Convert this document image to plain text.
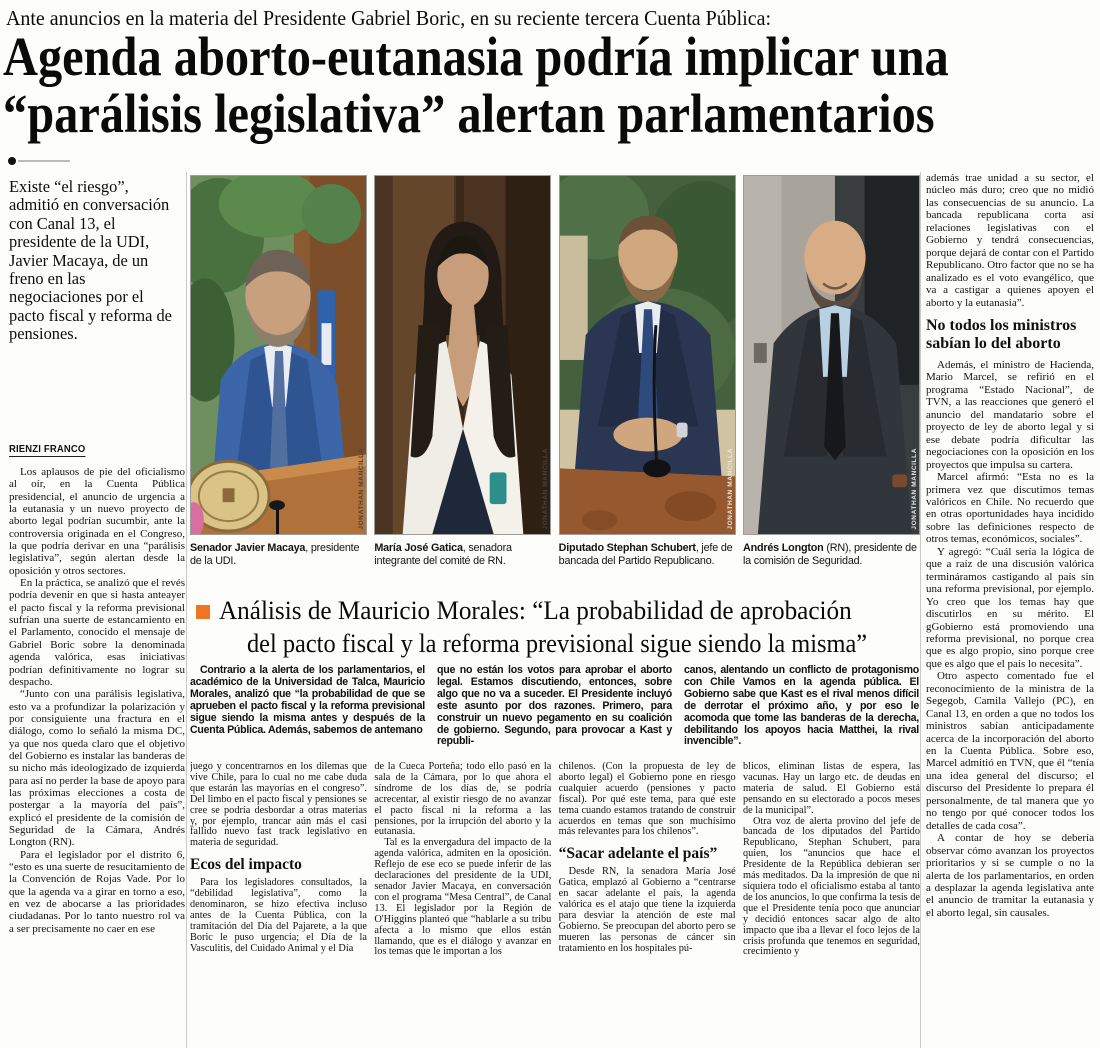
Ante anuncios en la materia del Presidente Gabriel Boric, en su reciente tercera Cuenta Pública:
Agenda aborto-eutanasia podría implicar una
“parálisis legislativa” alertan parlamentarios
Existe “el riesgo”, admitió en conversación con Canal 13, el presidente de la UDI, Javier Macaya, de un freno en las negociaciones por el pacto fiscal y reforma de pensiones.
RIENZI FRANCO

Los aplausos de pie del oficialismo al oír, en la Cuenta Pública presidencial, el anuncio de urgencia a la eutanasia y un nuevo proyecto de aborto legal podrían sucumbir, ante la controversia originada en el Congreso, la que podría derivar en una “parálisis legislativa”, según alertan desde la oposición y otros sectores.

En la práctica, se analizó que el revés podría devenir en que si hasta anteayer el pacto fiscal y la reforma previsional sufrían una suerte de estancamiento en el Parlamento, conocido el mensaje de Gabriel Boric sobre la denominada agenda valórica, esas iniciativas podrían definitivamente no lograr su despacho.

“Junto con una parálisis legislativa, esto va a profundizar la polarización y por consiguiente una fractura en el diálogo, como lo señaló la misma DC, ya que nos queda claro que el objetivo del Gobierno es instalar las banderas de su nicho más ideologizado de izquierda para así no perder la base de apoyo para las próximas elecciones a costa de postergar a la mayoría del país”, explicó el presidente de la comisión de Seguridad de la Cámara, Andrés Longton (RN).

Para el legislador por el distrito 6, “esto es una suerte de resucitamiento de la Convención de Rojas Vade. Por lo que la agenda va a girar en torno a eso, en vez de abocarse a las prioridades ciudadanas. Por lo tanto nuestro rol va a ser precisamente no caer en ese

JONATHAN MANCILLA	JONATHAN MANCILLA	JONATHAN MANCILLA	JONATHAN MANCILLA
Senador Javier Macaya, presidente de la UDI.
María José Gatica, senadora integrante del comité de RN.
Diputado Stephan Schubert, jefe de bancada del Partido Republicano.
Andrés Longton (RN), presidente de la comisión de Seguridad.
Análisis de Mauricio Morales: “La probabilidad de aprobación
del pacto fiscal y la reforma previsional sigue siendo la misma”

Contrario a la alerta de los parlamentarios, el académico de la Universidad de Talca, Mauricio Morales, analizó que “la probabilidad de que se aprueben el pacto fiscal y la reforma previsional sigue siendo la misma antes y después de la Cuenta Pública. Además, sabemos de antemano

que no están los votos para aprobar el aborto legal. Estamos discutiendo, entonces, sobre algo que no va a suceder. El Presidente incluyó este asunto por dos razones. Primero, para construir un nuevo pegamento en su coalición de gobierno. Segundo, para provocar a Kast y republi-

canos, alentando un conflicto de protagonismo con Chile Vamos en la agenda pública. El Gobierno sabe que Kast es el rival menos difícil de derrotar el próximo año, y por eso le acomoda que tome las banderas de la derecha, debilitando los apoyos hacia Matthei, la rival invencible”.

juego y concentrarnos en los dilemas que vive Chile, para lo cual no me cabe duda que estarán las mayorías en el congreso”. Del limbo en el pacto fiscal y pensiones se cree se podría desbordar a otras materias y, por ejemplo, trancar aún más el casi fallido nuevo fast track legislativo en materia de seguridad.

Ecos del impacto

Para los legisladores consultados, la “debilidad legislativa”, como la denominaron, se hizo efectiva incluso antes de la Cuenta Pública, con la tramitación del Día del Pajarete, a la que Boric le puso urgencia; el Día de la Vasculitis, del Cuidado Animal y el Día

de la Cueca Porteña; todo ello pasó en la sala de la Cámara, por lo que ahora el síndrome de los días de, se podría acrecentar, al existir riesgo de no avanzar el pacto fiscal ni la reforma a las pensiones, por la irrupción del aborto y la eutanasia.

Tal es la envergadura del impacto de la agenda valórica, admiten en la oposición. Reflejo de ese eco se puede inferir de las declaraciones del presidente de la UDI, senador Javier Macaya, en conversación con el programa “Mesa Central”, de Canal 13. El legislador por la Región de O'Higgins planteó que “hablarle a su tribu afecta a lo mismo que ellos están llamando, que es el diálogo y avanzar en los temas que le importan a los

chilenos. (Con la propuesta de ley de aborto legal) el Gobierno pone en riesgo cualquier acuerdo (pensiones y pacto fiscal). Por qué este tema, para qué este tema cuando estamos tratando de construir acuerdos en temas que son muchísimo más relevantes para los chilenos”.

“Sacar adelante el país”

Desde RN, la senadora María José Gatica, emplazó al Gobierno a “centrarse en sacar adelante el país, la agenda valórica es el atajo que tiene la izquierda para desviar la atención de este mal Gobierno. Se preocupan del aborto pero se mueren las personas de cáncer sin tratamiento en los hospitales pú-

blicos, eliminan listas de espera, las vacunas. Hay un largo etc. de deudas en materia de salud. El Gobierno está pensando en su electorado a pocos meses de la municipal”.

Otra voz de alerta provino del jefe de bancada de los diputados del Partido Republicano, Stephan Schubert, para quien, los “anuncios que hace el Presidente de la República debieran ser más meditados. Da la impresión de que ni siquiera todo el oficialismo estaba al tanto de los anuncios, lo que confirma la tesis de que el Presidente tenía poco que anunciar y decidió entonces sacar algo de alto impacto que iba a llevar el foco lejos de la crisis profunda que tenemos en seguridad, crecimiento y

además trae unidad a su sector, el núcleo más duro; creo que no midió las consecuencias de su anuncio. La bancada republicana corta así relaciones legislativas con el Gobierno y tendrá consecuencias, porque dejará de contar con el Partido Republicano. Otro factor que no se ha analizado es el voto evangélico, que va a castigar a quienes apoyen el aborto y la eutanasia”.

No todos los ministros sabían lo del aborto

Además, el ministro de Hacienda, Mario Marcel, se refirió en el programa “Estado Nacional”, de TVN, a las reacciones que generó el anuncio del mandatario sobre el proyecto de ley de aborto legal y si ese debate podría dificultar las negociaciones con la oposición en los proyectos que impulsa su cartera.

Marcel afirmó: “Esta no es la primera vez que discutimos temas valóricos en Chile. No recuerdo que en otras oportunidades haya incidido sobre las definiciones respecto de otros temas, económicos, sociales”.

Y agregó: “Cuál sería la lógica de que a raíz de una discusión valórica termináramos castigando al país sin una reforma previsional, por ejemplo. Yo creo que los temas hay que discutirlos en su mérito. El gGobierno está promoviendo una reforma previsional, no porque crea que es algo propio, sino porque cree que es algo que el país lo necesita”.

Otro aspecto comentado fue el reconocimiento de la ministra de la Segegob, Camila Vallejo (PC), en Canal 13, en orden a que no todos los ministros sabían anticipadamente acerca de la incorporación del aborto en la Cuenta Pública. Sobre eso, Marcel admitió en TVN, que él “tenía una idea general del discurso; el discurso del Presidente lo prepara él personalmente, de tal manera que yo no tengo por qué conocer todos los detalles de cada cosa”.

A contar de hoy se debería observar cómo avanzan los proyectos prioritarios y si se cumple o no la alerta de los parlamentarios, en orden a desplazar la agenda legislativa ante el anuncio de tramitar la eutanasia y el aborto legal, sin causales.
